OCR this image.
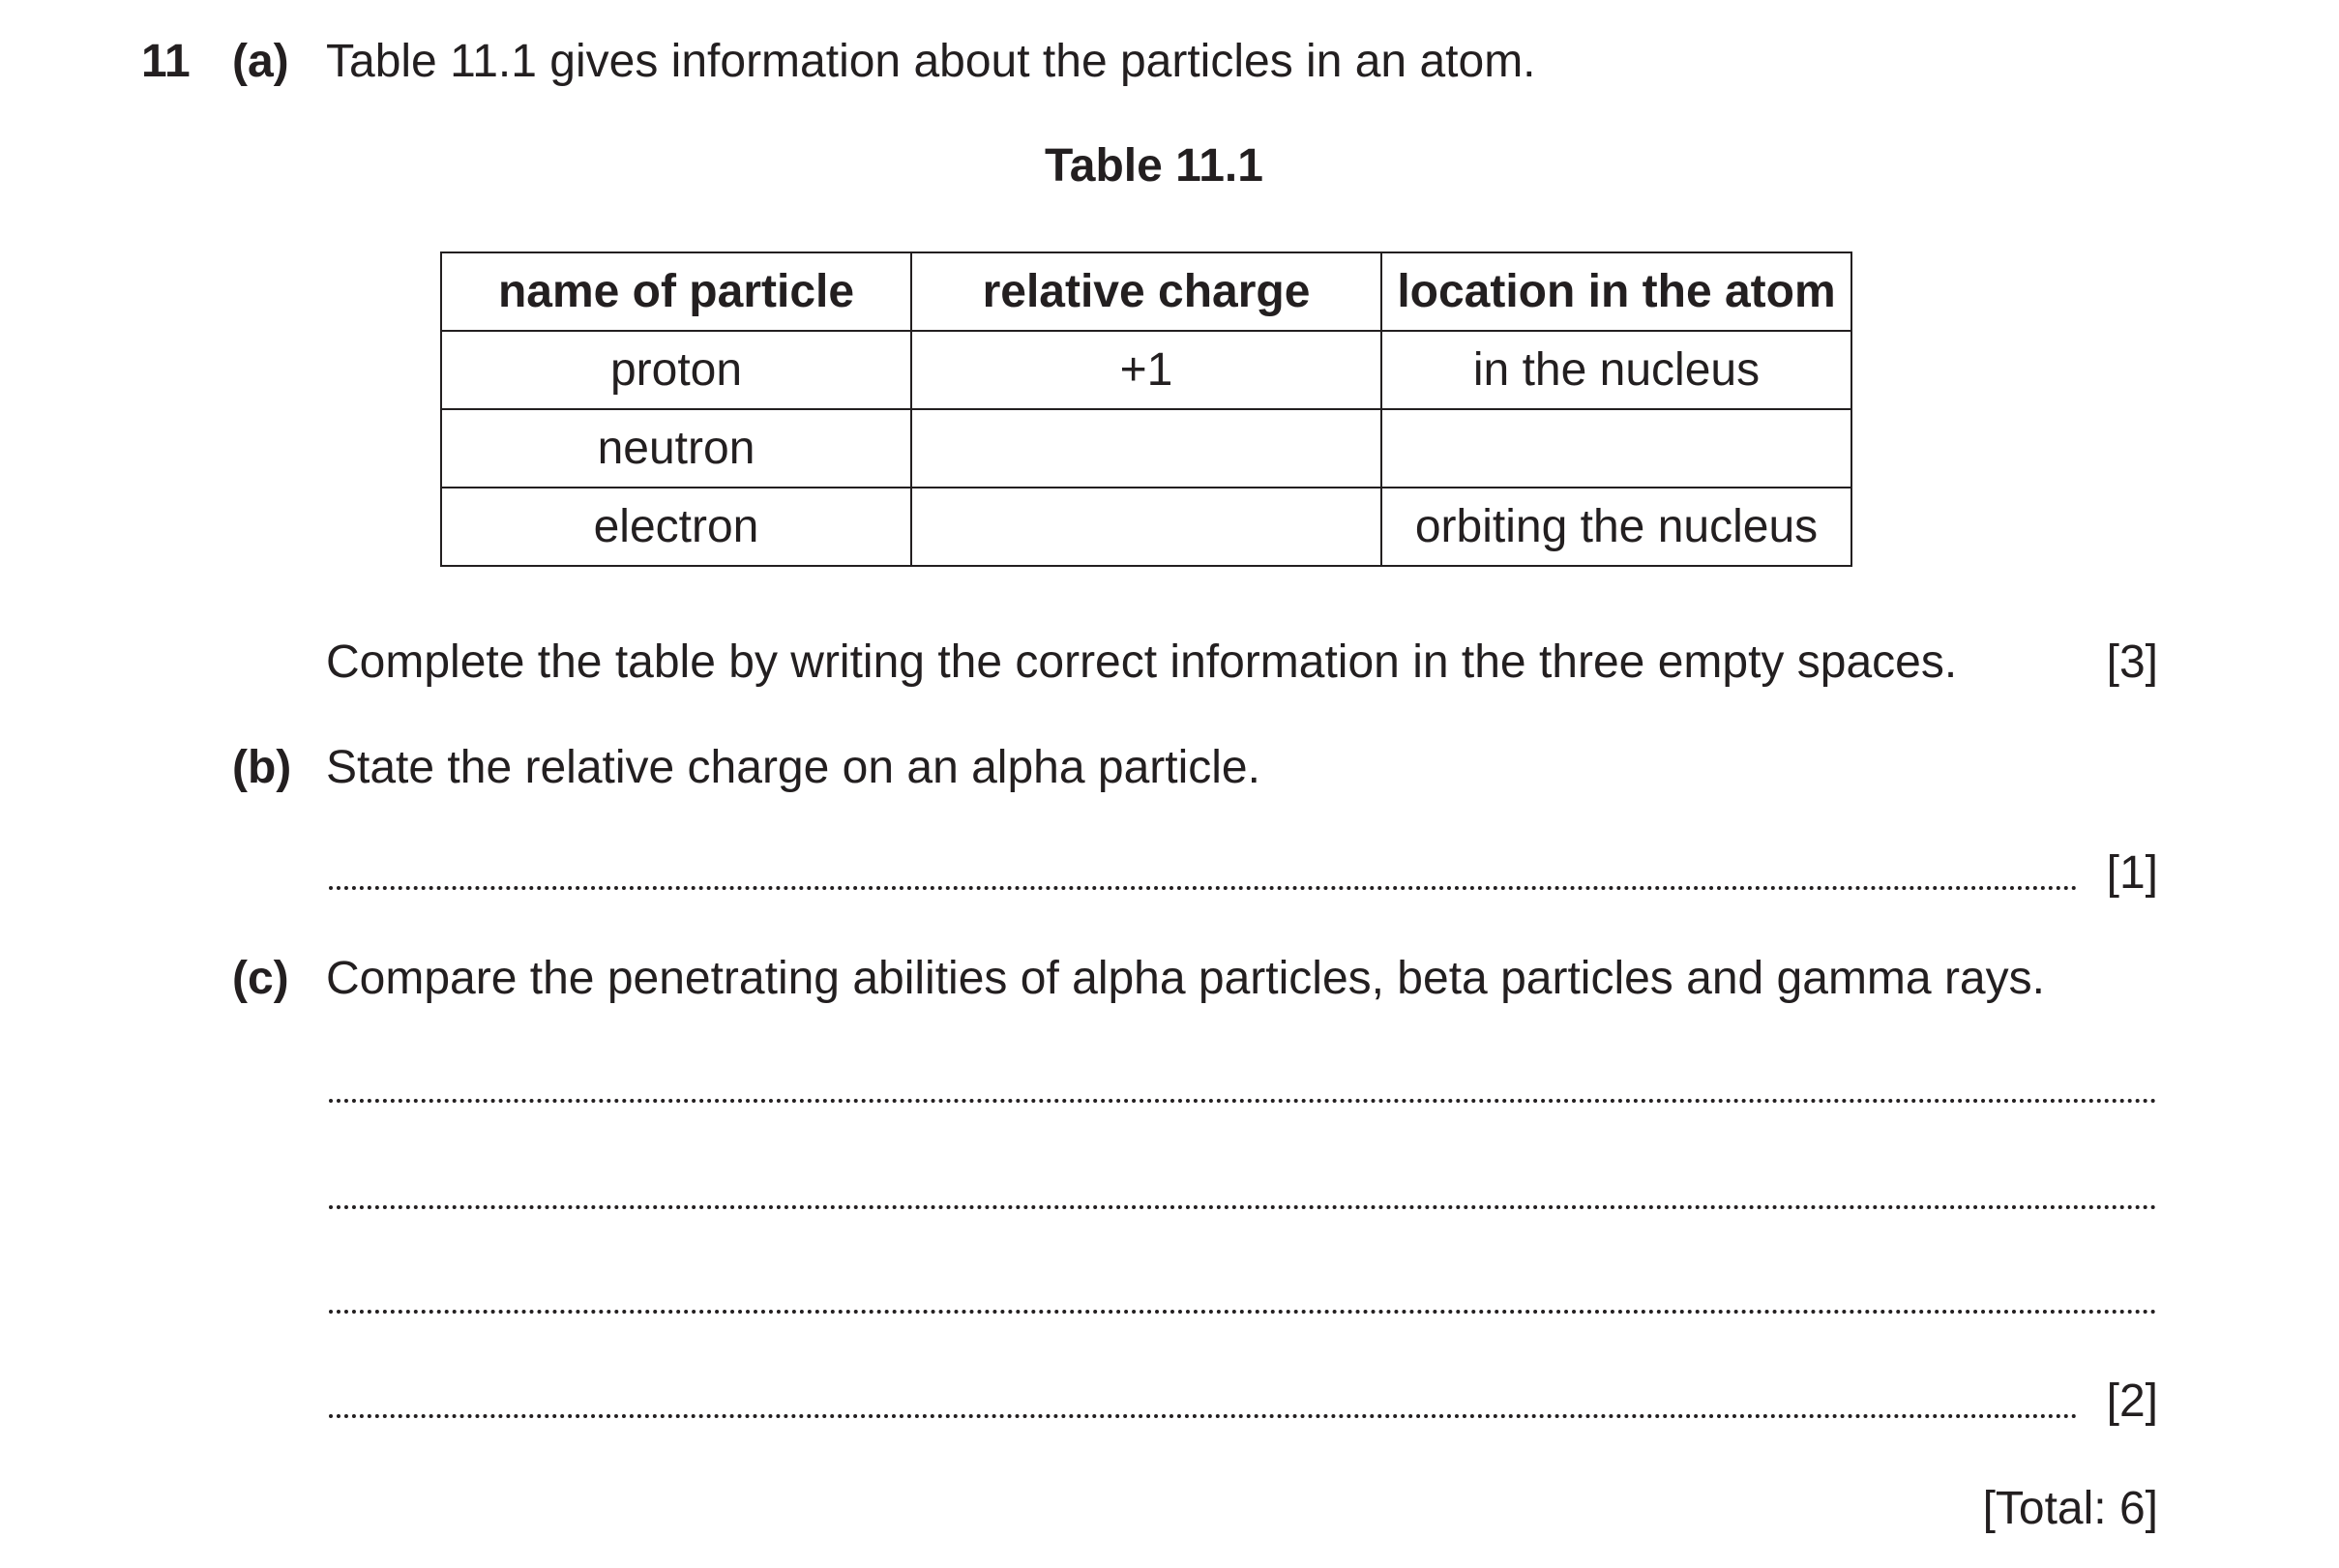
11 (a) Table 11.1 gives information about the particles in an atom.
Table 11.1
name of particle	relative charge	location in the atom
proton	+1	in the nucleus
neutron		
electron		orbiting the nucleus
Complete the table by writing the correct information in the three empty spaces.	[3]
(b) State the relative charge on an alpha particle.
[1]
(c) Compare the penetrating abilities of alpha particles, beta particles and gamma rays.
[2]
[Total: 6]
